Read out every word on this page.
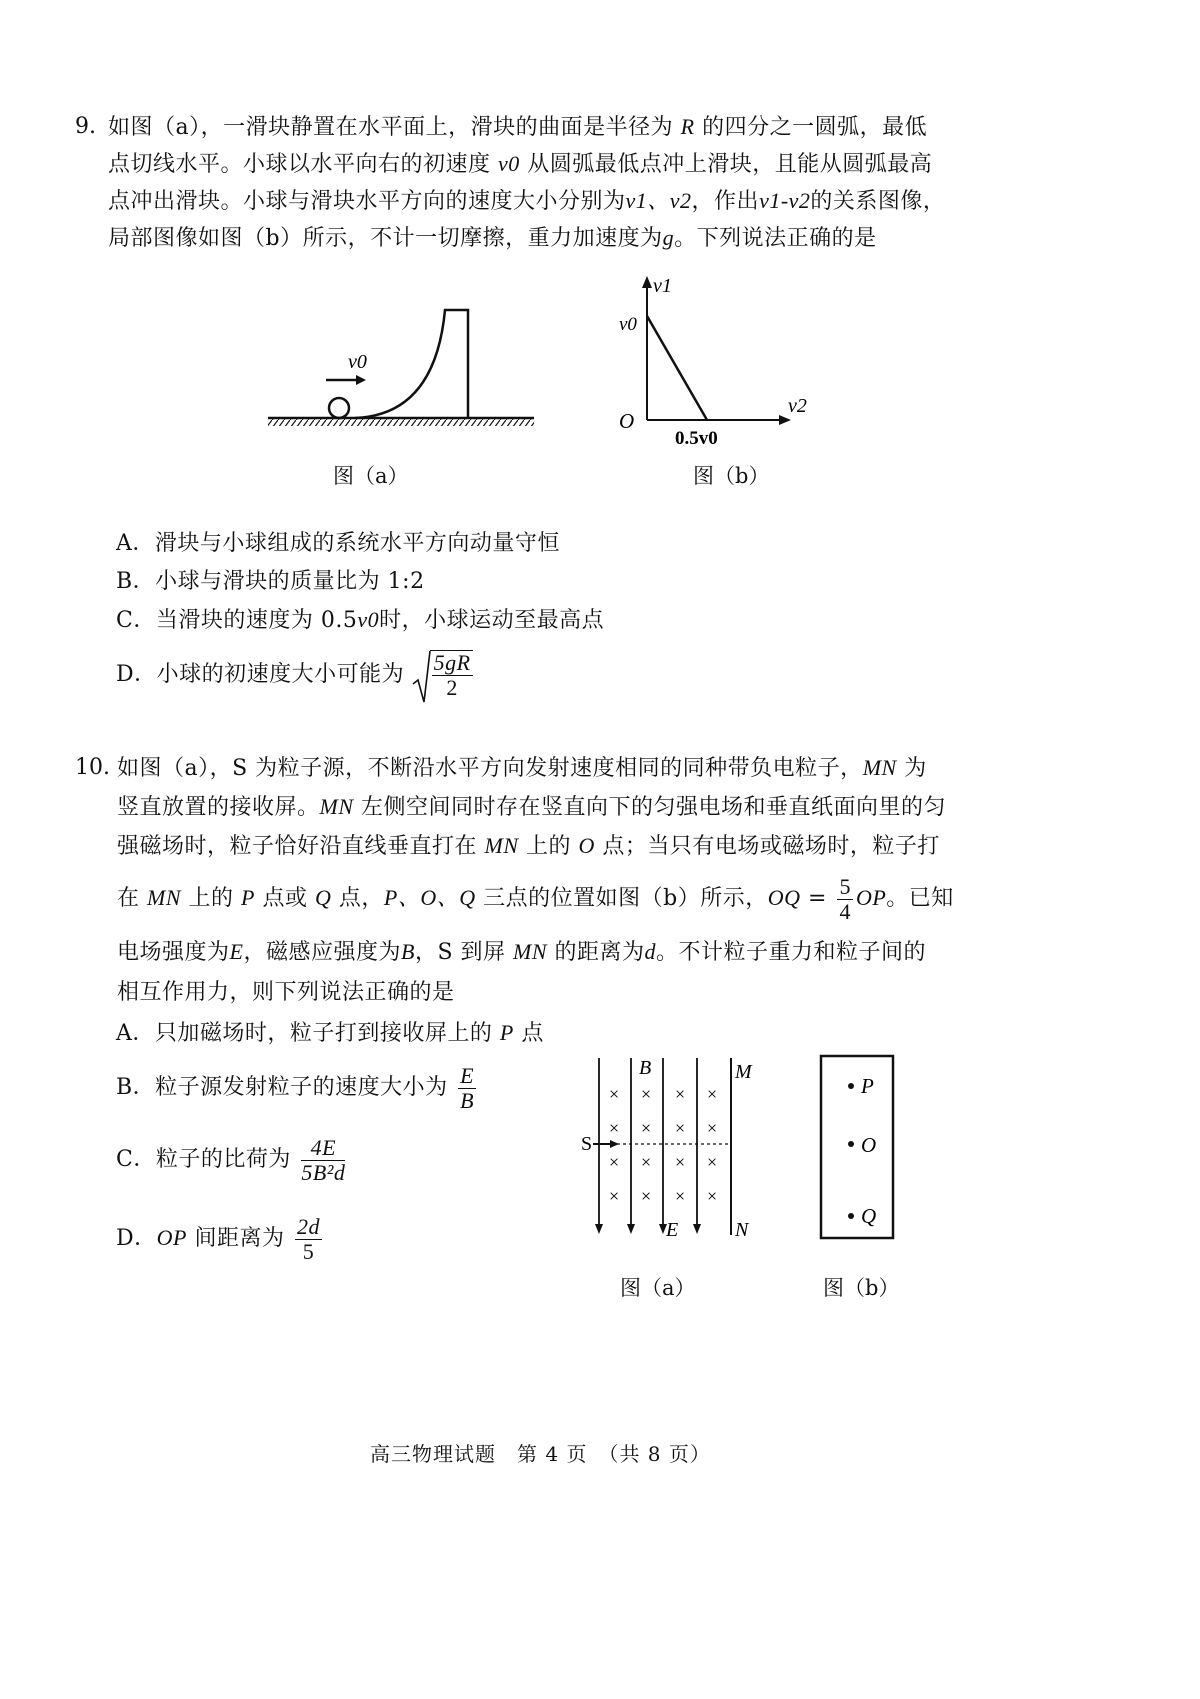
9. 如图（a），一滑块静置在水平面上，滑块的曲面是半径为 R 的四分之一圆弧，最低
点切线水平。小球以水平向右的初速度 v0 从圆弧最低点冲上滑块，且能从圆弧最高
点冲出滑块。小球与滑块水平方向的速度大小分别为v1、v2，作出v1-v2的关系图像，
局部图像如图（b）所示，不计一切摩擦，重力加速度为g。下列说法正确的是
v0
图（a）
v1
v2
O
v0
0.5v0
图（b）
A．滑块与小球组成的系统水平方向动量守恒
B．小球与滑块的质量比为 1:2
C．当滑块的速度为 0.5v0时，小球运动至最高点
D．小球的初速度大小可能为 $\frac{5gR}{2}$
10. 如图（a），S 为粒子源，不断沿水平方向发射速度相同的同种带负电粒子，MN 为
竖直放置的接收屏。MN 左侧空间同时存在竖直向下的匀强电场和垂直纸面向里的匀
强磁场时，粒子恰好沿直线垂直打在 MN 上的 O 点；当只有电场或磁场时，粒子打
在 MN 上的 P 点或 Q 点，P、O、Q 三点的位置如图（b）所示，OQ = $\frac{5}{4}$ OP。已知
电场强度为E，磁感应强度为B，S 到屏 MN 的距离为d。不计粒子重力和粒子间的
相互作用力，则下列说法正确的是
A．只加磁场时，粒子打到接收屏上的 P 点
B．粒子源发射粒子的速度大小为 $\frac{E}{B}$
C．粒子的比荷为 $\frac{4E}{\text{5B²d}}$
D．OP 间距离为 $\frac{2d}{5}$
× × × ×
× × × ×
× × × ×
× × × ×
S
B	M
N
E
图（a）
P
O
Q
图（b）
高三物理试题　第 4 页　（共 8 页）
